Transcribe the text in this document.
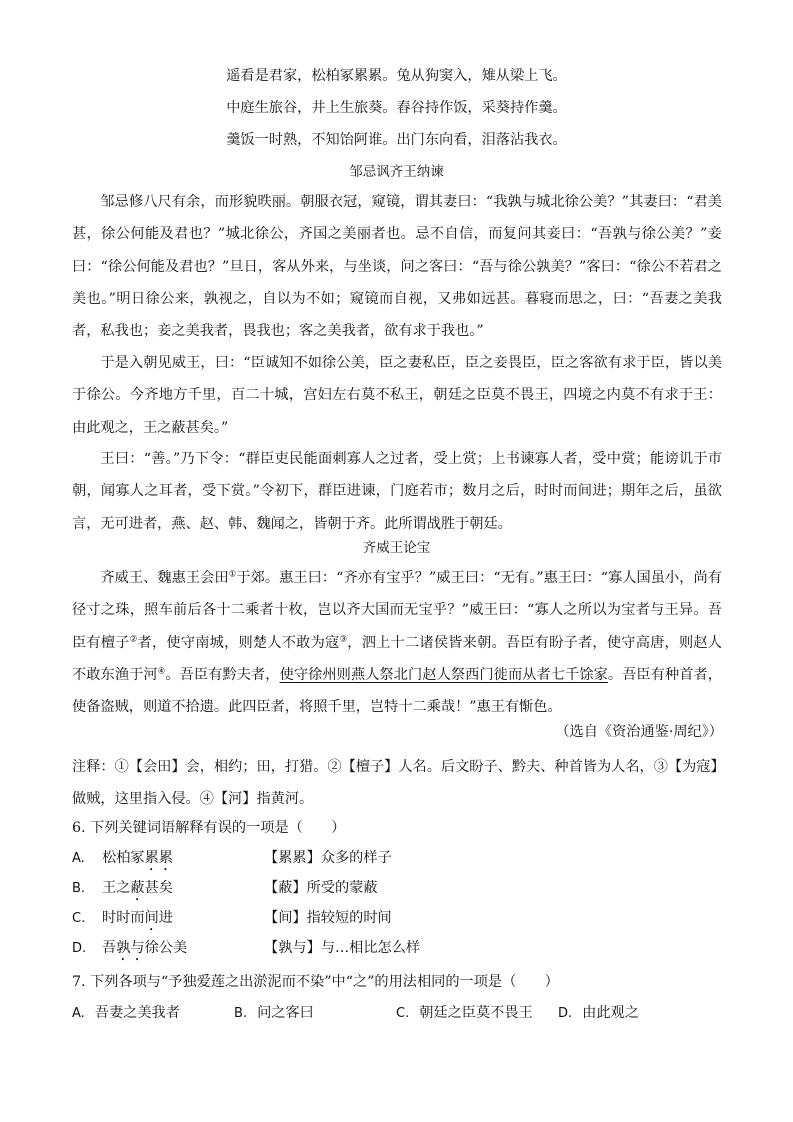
遥看是君家，松柏冢累累。兔从狗窦入，雉从梁上飞。
中庭生旅谷，井上生旅葵。舂谷持作饭，采葵持作羹。
羹饭一时熟，不知饴阿谁。出门东向看，泪落沾我衣。
邹忌讽齐王纳谏
邹忌修八尺有余，而形貌昳丽。朝服衣冠，窥镜，谓其妻曰：“我孰与城北徐公美？”其妻曰：“君美甚，徐公何能及君也？”城北徐公，齐国之美丽者也。忌不自信，而复问其妾曰：“吾孰与徐公美？”妾曰：“徐公何能及君也？”旦日，客从外来，与坐谈，问之客曰：“吾与徐公孰美？”客曰：“徐公不若君之美也。”明日徐公来，孰视之，自以为不如；窥镜而自视，又弗如远甚。暮寝而思之，曰：“吾妻之美我者，私我也；妾之美我者，畏我也；客之美我者，欲有求于我也。”
于是入朝见威王，曰：“臣诚知不如徐公美，臣之妻私臣，臣之妾畏臣，臣之客欲有求于臣，皆以美于徐公。今齐地方千里，百二十城，宫妇左右莫不私王，朝廷之臣莫不畏王，四境之内莫不有求于王：由此观之，王之蔽甚矣。”
王曰：“善。”乃下令：“群臣吏民能面刺寡人之过者，受上赏；上书谏寡人者，受中赏；能谤讥于市朝，闻寡人之耳者，受下赏。”令初下，群臣进谏，门庭若市；数月之后，时时而间进；期年之后，虽欲言，无可进者，燕、赵、韩、魏闻之，皆朝于齐。此所谓战胜于朝廷。
齐威王论宝
齐威王、魏惠王会田①于郊。惠王曰：“齐亦有宝乎？”威王曰：“无有。”惠王曰：“寡人国虽小，尚有径寸之珠，照车前后各十二乘者十枚，岂以齐大国而无宝乎？”威王曰：“寡人之所以为宝者与王异。吾臣有檀子②者，使守南城，则楚人不敢为寇③，泗上十二诸侯皆来朝。吾臣有盼子者，使守高唐，则赵人不敢东渔于河④。吾臣有黔夫者，使守徐州则燕人祭北门赵人祭西门徙而从者七千馀家。吾臣有种首者，使备盗贼，则道不拾遗。此四臣者，将照千里，岂特十二乘哉！”惠王有惭色。
（选自《资治通鉴·周纪》）
注释：①【会田】会，相约；田，打猎。②【檀子】人名。后文盼子、黔夫、种首皆为人名，③【为寇】做贼，这里指入侵。④【河】指黄河。
6. 下列关键词语解释有误的一项是（　　）
A. 松柏冢累累	【累累】众多的样子
B. 王之蔽甚矣	【蔽】所受的蒙蔽
C. 时时而间进	【间】指较短的时间
D. 吾孰与徐公美	【孰与】与…相比怎么样
7. 下列各项与“予独爱莲之出淤泥而不染”中“之”的用法相同的一项是（　　）
A. 吾妻之美我者	B. 问之客曰	C. 朝廷之臣莫不畏王 D. 由此观之
